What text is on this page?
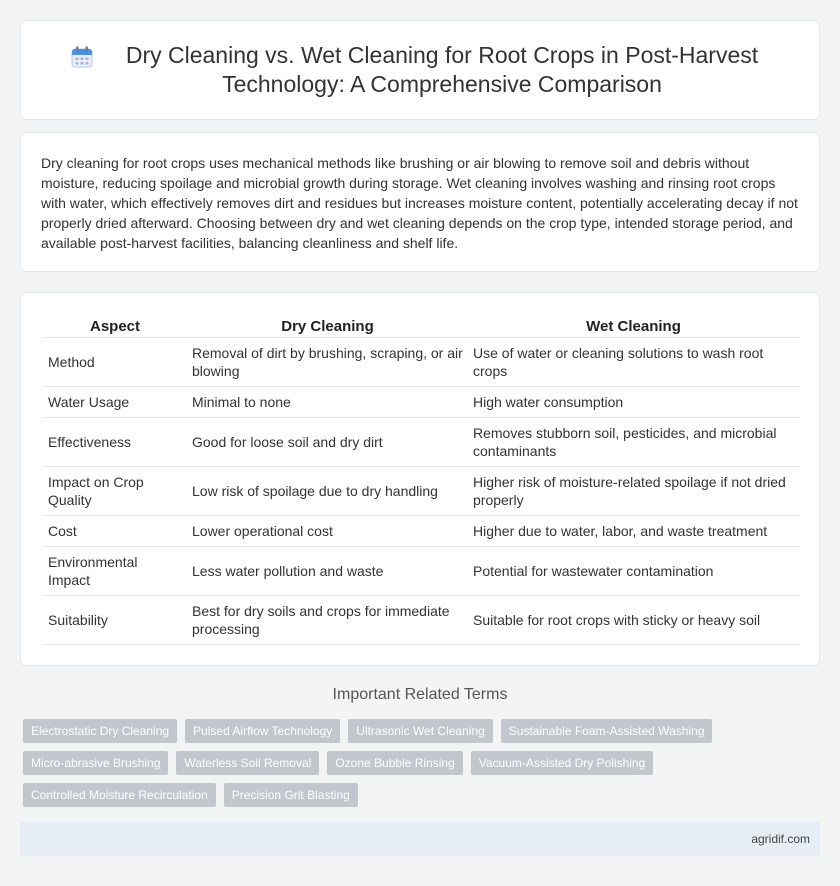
Dry Cleaning vs. Wet Cleaning for Root Crops in Post-Harvest Technology: A Comprehensive Comparison

Dry cleaning for root crops uses mechanical methods like brushing or air blowing to remove soil and debris without moisture, reducing spoilage and microbial growth during storage. Wet cleaning involves washing and rinsing root crops with water, which effectively removes dirt and residues but increases moisture content, potentially accelerating decay if not properly dried afterward. Choosing between dry and wet cleaning depends on the crop type, intended storage period, and available post-harvest facilities, balancing cleanliness and shelf life.

Aspect	Dry Cleaning	Wet Cleaning
Method	Removal of dirt by brushing, scraping, or air blowing	Use of water or cleaning solutions to wash root crops
Water Usage	Minimal to none	High water consumption
Effectiveness	Good for loose soil and dry dirt	Removes stubborn soil, pesticides, and microbial contaminants
Impact on Crop Quality	Low risk of spoilage due to dry handling	Higher risk of moisture-related spoilage if not dried properly
Cost	Lower operational cost	Higher due to water, labor, and waste treatment
Environmental Impact	Less water pollution and waste	Potential for wastewater contamination
Suitability	Best for dry soils and crops for immediate processing	Suitable for root crops with sticky or heavy soil
Important Related Terms
Electrostatic Dry Cleaning	Pulsed Airflow Technology	Ultrasonic Wet Cleaning	Sustainable Foam-Assisted Washing
Micro-abrasive Brushing	Waterless Soil Removal	Ozone Bubble Rinsing	Vacuum-Assisted Dry Polishing
Controlled Moisture Recirculation	Precision Grit Blasting
agridif.com
